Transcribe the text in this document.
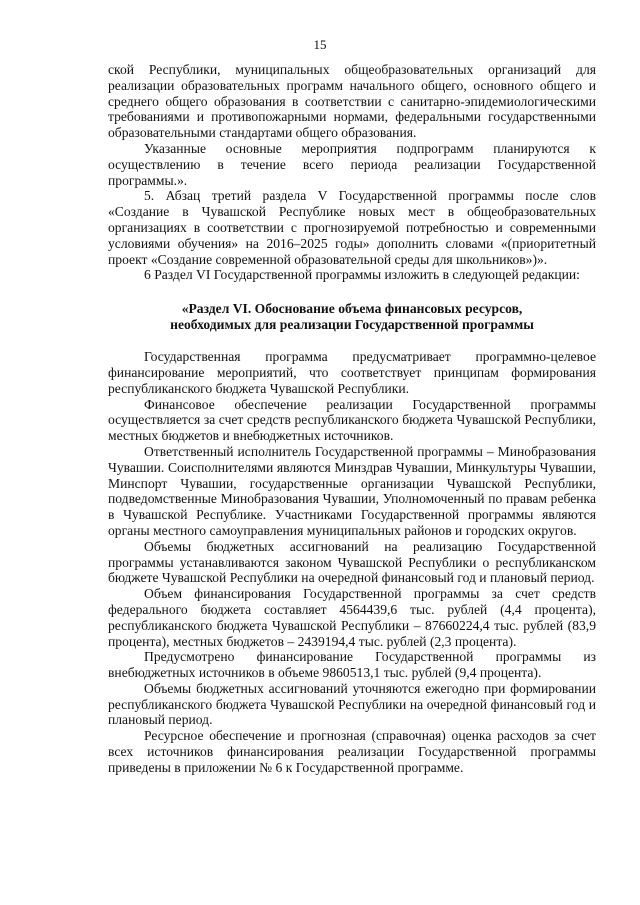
15

ской Республики, муниципальных общеобразовательных организаций для реализации образовательных программ начального общего, основного общего и среднего общего образования в соответствии с санитарно-эпидемиологическими требованиями и противопожарными нормами, федеральными государственными образовательными стандартами общего образования.

Указанные основные мероприятия подпрограмм планируются к осуществлению в течение всего периода реализации Государственной программы.».

5. Абзац третий раздела V Государственной программы после слов «Создание в Чувашской Республике новых мест в общеобразовательных организациях в соответствии с прогнозируемой потребностью и современными условиями обучения» на 2016–2025 годы» дополнить словами «(приоритетный проект «Создание современной образовательной среды для школьников»)».

6 Раздел VI Государственной программы изложить в следующей редакции:

«Раздел VI. Обоснование объема финансовых ресурсов,
необходимых для реализации Государственной программы

Государственная программа предусматривает программно-целевое финансирование мероприятий, что соответствует принципам формирования республиканского бюджета Чувашской Республики.

Финансовое обеспечение реализации Государственной программы осуществляется за счет средств республиканского бюджета Чувашской Республики, местных бюджетов и внебюджетных источников.

Ответственный исполнитель Государственной программы – Минобразования Чувашии. Соисполнителями являются Минздрав Чувашии, Минкультуры Чувашии, Минспорт Чувашии, государственные организации Чувашской Республики, подведомственные Минобразования Чувашии, Уполномоченный по правам ребенка в Чувашской Республике. Участниками Государственной программы являются органы местного самоуправления муниципальных районов и городских округов.

Объемы бюджетных ассигнований на реализацию Государственной программы устанавливаются законом Чувашской Республики о республиканском бюджете Чувашской Республики на очередной финансовый год и плановый период.

Объем финансирования Государственной программы за счет средств федерального бюджета составляет 4564439,6 тыс. рублей (4,4 процента), республиканского бюджета Чувашской Республики – 87660224,4 тыс. рублей (83,9 процента), местных бюджетов – 2439194,4 тыс. рублей (2,3 процента).

Предусмотрено финансирование Государственной программы из внебюджетных источников в объеме 9860513,1 тыс. рублей (9,4 процента).

Объемы бюджетных ассигнований уточняются ежегодно при формировании республиканского бюджета Чувашской Республики на очередной финансовый год и плановый период.

Ресурсное обеспечение и прогнозная (справочная) оценка расходов за счет всех источников финансирования реализации Государственной программы приведены в приложении № 6 к Государственной программе.
